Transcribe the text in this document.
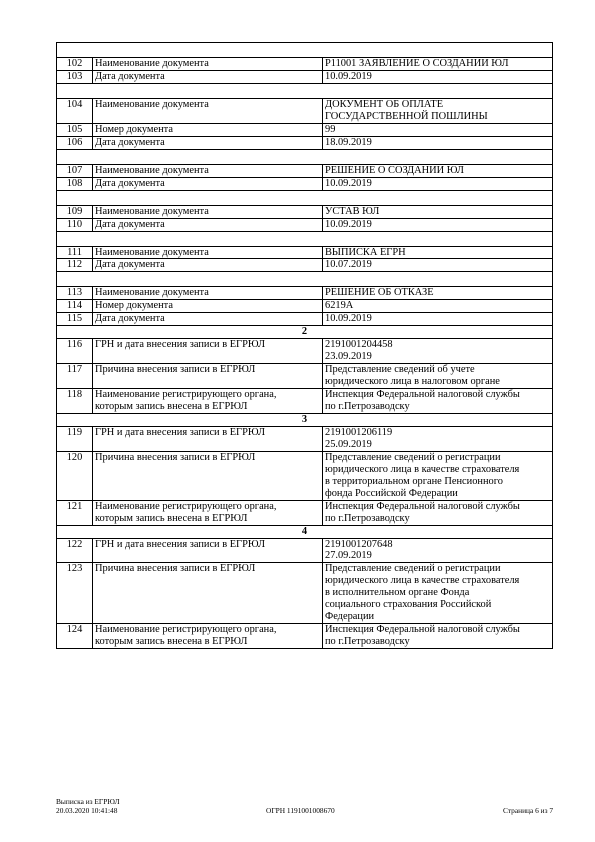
102	Наименование документа	Р11001 ЗАЯВЛЕНИЕ О СОЗДАНИИ ЮЛ
103	Дата документа	10.09.2019

104	Наименование документа	ДОКУМЕНТ ОБ ОПЛАТЕ
ГОСУДАРСТВЕННОЙ ПОШЛИНЫ
105	Номер документа	99
106	Дата документа	18.09.2019

107	Наименование документа	РЕШЕНИЕ О СОЗДАНИИ ЮЛ
108	Дата документа	10.09.2019

109	Наименование документа	УСТАВ ЮЛ
110	Дата документа	10.09.2019

111	Наименование документа	ВЫПИСКА ЕГРН
112	Дата документа	10.07.2019

113	Наименование документа	РЕШЕНИЕ ОБ ОТКАЗЕ
114	Номер документа	6219А
115	Дата документа	10.09.2019
2		
116	ГРН и дата внесения записи в ЕГРЮЛ	2191001204458
23.09.2019
117	Причина внесения записи в ЕГРЮЛ	Представление сведений об учете
юридического лица в налоговом органе
118	Наименование регистрирующего органа,
которым запись внесена в ЕГРЮЛ	Инспекция Федеральной налоговой службы
по г.Петрозаводску
3		
119	ГРН и дата внесения записи в ЕГРЮЛ	2191001206119
25.09.2019
120	Причина внесения записи в ЕГРЮЛ	Представление сведений о регистрации
юридического лица в качестве страхователя
в территориальном органе Пенсионного
фонда Российской Федерации
121	Наименование регистрирующего органа,
которым запись внесена в ЕГРЮЛ	Инспекция Федеральной налоговой службы
по г.Петрозаводску
4		
122	ГРН и дата внесения записи в ЕГРЮЛ	2191001207648
27.09.2019
123	Причина внесения записи в ЕГРЮЛ	Представление сведений о регистрации
юридического лица в качестве страхователя
в исполнительном органе Фонда
социального страхования Российской
Федерации
124	Наименование регистрирующего органа,
которым запись внесена в ЕГРЮЛ	Инспекция Федеральной налоговой службы
по г.Петрозаводску
Выписка из ЕГРЮЛ
20.03.2020 10:41:48	ОГРН 1191001008670	Страница 6 из 7
